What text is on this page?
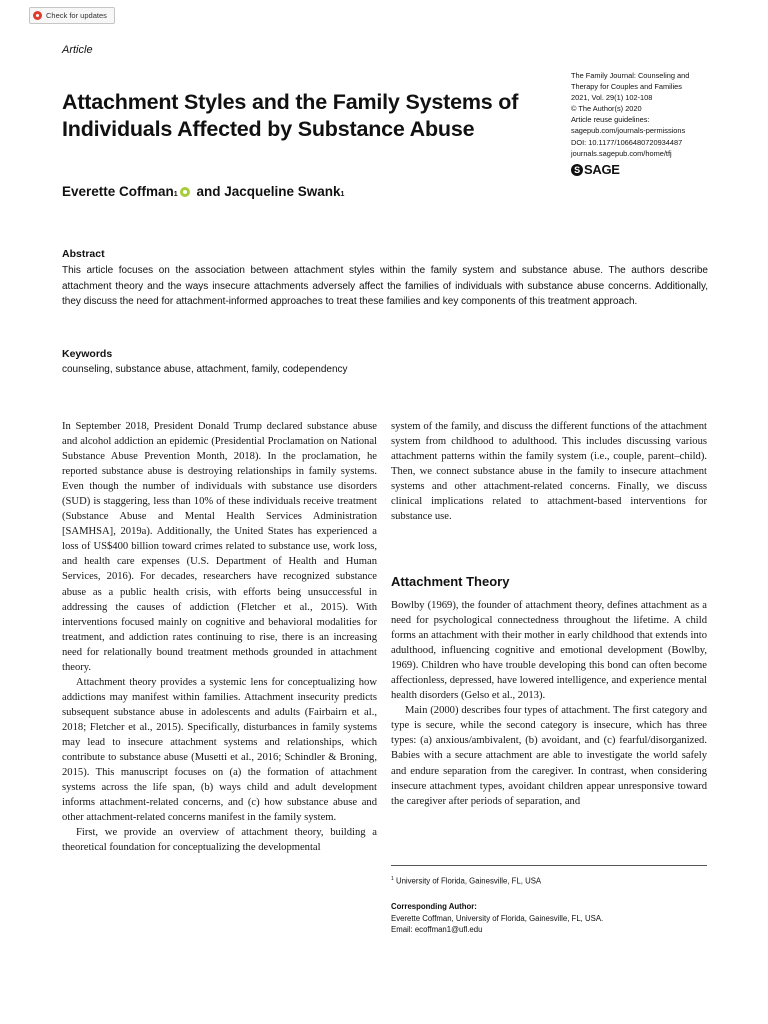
Check for updates
Article
Attachment Styles and the Family Systems of Individuals Affected by Substance Abuse
The Family Journal: Counseling and
Therapy for Couples and Families
2021, Vol. 29(1) 102-108
© The Author(s) 2020
Article reuse guidelines:
sagepub.com/journals-permissions
DOI: 10.1177/1066480720934487
journals.sagepub.com/home/tfj
S SAGE
Everette Coffman$_1$ and Jacqueline Swank$_1$
Abstract

This article focuses on the association between attachment styles within the family system and substance abuse. The authors describe attachment theory and the ways insecure attachments adversely affect the families of individuals with substance abuse concerns. Additionally, they discuss the need for attachment-informed approaches to treat these families and key components of this treatment approach.

Keywords
counseling, substance abuse, attachment, family, codependency

In September 2018, President Donald Trump declared substance abuse and alcohol addiction an epidemic (Presidential Proclamation on National Substance Abuse Prevention Month, 2018). In the proclamation, he reported substance abuse is destroying relationships in family systems. Even though the number of individuals with substance use disorders (SUD) is staggering, less than 10% of these individuals receive treatment (Substance Abuse and Mental Health Services Administration [SAMHSA], 2019a). Additionally, the United States has experienced a loss of US$400 billion toward crimes related to substance use, work loss, and health care expenses (U.S. Department of Health and Human Services, 2016). For decades, researchers have recognized substance abuse as a public health crisis, with efforts being unsuccessful in addressing the causes of addiction (Fletcher et al., 2015). With interventions focused mainly on cognitive and behavioral modalities for treatment, and addiction rates continuing to rise, there is an increasing need for relationally bound treatment methods grounded in attachment theory.

Attachment theory provides a systemic lens for conceptualizing how addictions may manifest within families. Attachment insecurity predicts subsequent substance abuse in adolescents and adults (Fairbairn et al., 2018; Fletcher et al., 2015). Specifically, disturbances in family systems may lead to insecure attachment systems and relationships, which contribute to substance abuse (Musetti et al., 2016; Schindler & Broning, 2015). This manuscript focuses on (a) the formation of attachment systems across the life span, (b) ways child and adult development informs attachment-related concerns, and (c) how substance abuse and other attachment-related concerns manifest in the family system.

First, we provide an overview of attachment theory, building a theoretical foundation for conceptualizing the developmental

system of the family, and discuss the different functions of the attachment system from childhood to adulthood. This includes discussing various attachment patterns within the family system (i.e., couple, parent–child). Then, we connect substance abuse in the family to insecure attachment systems and other attachment-related concerns. Finally, we discuss clinical implications related to attachment-based interventions for substance use.

Attachment Theory

Bowlby (1969), the founder of attachment theory, defines attachment as a need for psychological connectedness throughout the lifetime. A child forms an attachment with their mother in early childhood that extends into adulthood, influencing cognitive and emotional development (Bowlby, 1969). Children who have trouble developing this bond can often become affectionless, depressed, have lowered intelligence, and experience mental health disorders (Gelso et al., 2013).

Main (2000) describes four types of attachment. The first category and type is secure, while the second category is insecure, which has three types: (a) anxious/ambivalent, (b) avoidant, and (c) fearful/disorganized. Babies with a secure attachment are able to investigate the world safely and endure separation from the caregiver. In contrast, when considering insecure attachment types, avoidant children appear unresponsive toward the caregiver after periods of separation, and

$^1$ University of Florida, Gainesville, FL, USA
Corresponding Author:
Everette Coffman, University of Florida, Gainesville, FL, USA.
Email: ecoffman1@ufl.edu
